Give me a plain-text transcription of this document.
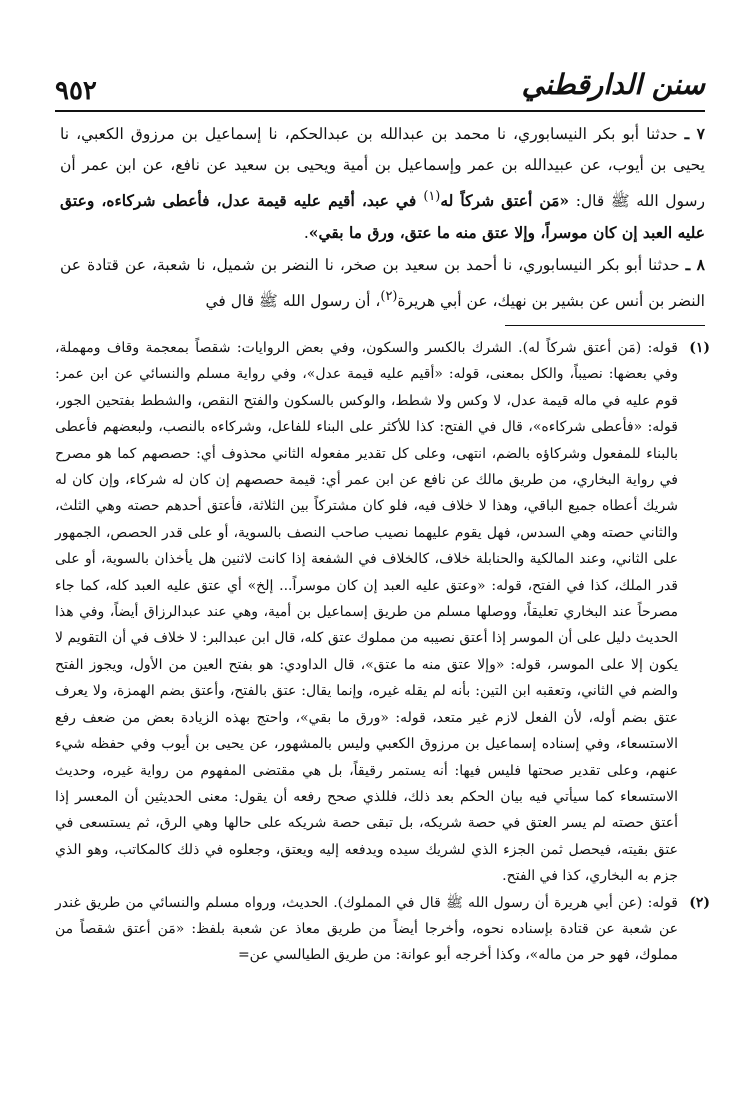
٩٥٢	سنن الدارقطني

٧ ـ حدثنا أبو بكر النيسابوري، نا محمد بن عبدالله بن عبدالحكم، نا إسماعيل بن مرزوق الكعبي، نا يحيى بن أيوب، عن عبيدالله بن عمر وإسماعيل بن أمية ويحيى بن سعيد عن نافع، عن ابن عمر أن رسول الله ﷺ قال: «مَن أعتق شركاً له$^{(١)}$ في عبد، أقيم عليه قيمة عدل، فأعطى شركاءه، وعتق عليه العبد إن كان موسراً، وإلا عتق منه ما عتق، ورق ما بقي».

٨ ـ حدثنا أبو بكر النيسابوري، نا أحمد بن سعيد بن صخر، نا النضر بن شميل، نا شعبة، عن قتادة عن النضر بن أنس عن بشير بن نهيك، عن أبي هريرة$^{(٢)}$، أن رسول الله ﷺ قال في

(١)
قوله: (مَن أعتق شركاً له). الشرك بالكسر والسكون، وفي بعض الروايات: شقصاً بمعجمة وقاف ومهملة، وفي بعضها: نصيباً، والكل بمعنى، قوله: «أقيم عليه قيمة عدل»، وفي رواية مسلم والنسائي عن ابن عمر: قوم عليه في ماله قيمة عدل، لا وكس ولا شطط، والوكس بالسكون والفتح النقص، والشطط بفتحين الجور، قوله: «فأعطى شركاءه»، قال في الفتح: كذا للأكثر على البناء للفاعل، وشركاءه بالنصب، ولبعضهم فأعطى بالبناء للمفعول وشركاؤه بالضم، انتهى، وعلى كل تقدير مفعوله الثاني محذوف أي: حصصهم كما هو مصرح في رواية البخاري، من طريق مالك عن نافع عن ابن عمر أي: قيمة حصصهم إن كان له شركاء، وإن كان له شريك أعطاه جميع الباقي، وهذا لا خلاف فيه، فلو كان مشتركاً بين الثلاثة، فأعتق أحدهم حصته وهي الثلث، والثاني حصته وهي السدس، فهل يقوم عليهما نصيب صاحب النصف بالسوية، أو على قدر الحصص، الجمهور على الثاني، وعند المالكية والحنابلة خلاف، كالخلاف في الشفعة إذا كانت لاثنين هل يأخذان بالسوية، أو على قدر الملك، كذا في الفتح، قوله: «وعتق عليه العبد إن كان موسراً... إلخ» أي عتق عليه العبد كله، كما جاء مصرحاً عند البخاري تعليقاً، ووصلها مسلم من طريق إسماعيل بن أمية، وهي عند عبدالرزاق أيضاً، وفي هذا الحديث دليل على أن الموسر إذا أعتق نصيبه من مملوك عتق كله، قال ابن عبدالبر: لا خلاف في أن التقويم لا يكون إلا على الموسر، قوله: «وإلا عتق منه ما عتق»، قال الداودي: هو بفتح العين من الأول، ويجوز الفتح والضم في الثاني، وتعقبه ابن التين: بأنه لم يقله غيره، وإنما يقال: عتق بالفتح، وأعتق بضم الهمزة، ولا يعرف عتق بضم أوله، لأن الفعل لازم غير متعد، قوله: «ورق ما بقي»، واحتج بهذه الزيادة بعض من ضعف رفع الاستسعاء، وفي إسناده إسماعيل بن مرزوق الكعبي وليس بالمشهور، عن يحيى بن أيوب وفي حفظه شيء عنهم، وعلى تقدير صحتها فليس فيها: أنه يستمر رقيقاً، بل هي مقتضى المفهوم من رواية غيره، وحديث الاستسعاء كما سيأتي فيه بيان الحكم بعد ذلك، فللذي صحح رفعه أن يقول: معنى الحديثين أن المعسر إذا أعتق حصته لم يسر العتق في حصة شريكه، بل تبقى حصة شريكه على حالها وهي الرق، ثم يستسعى في عتق بقيته، فيحصل ثمن الجزء الذي لشريك سيده ويدفعه إليه ويعتق، وجعلوه في ذلك كالمكاتب، وهو الذي جزم به البخاري، كذا في الفتح.
(٢)
قوله: (عن أبي هريرة أن رسول الله ﷺ قال في المملوك). الحديث، ورواه مسلم والنسائي من طريق غندر عن شعبة عن قتادة بإسناده نحوه، وأخرجا أيضاً من طريق معاذ عن شعبة بلفظ: «مَن أعتق شقصاً من مملوك، فهو حر من ماله»، وكذا أخرجه أبو عوانة: من طريق الطيالسي عن=
